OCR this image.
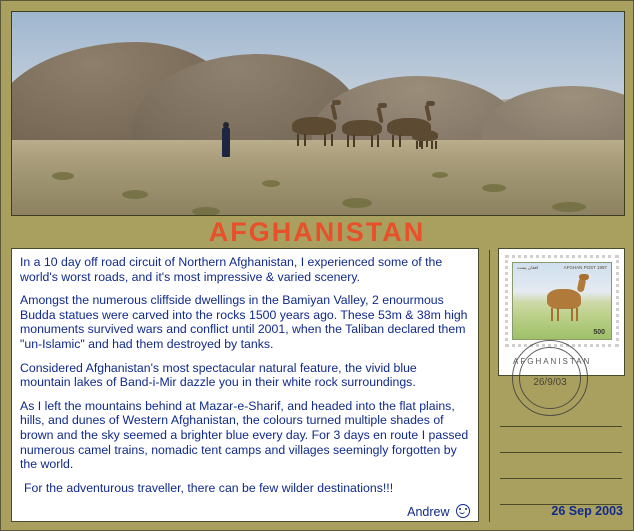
AFGHANISTAN

In a 10 day off road circuit of Northern Afghanistan, I experienced some of the world's worst roads, and it's most impressive & varied scenery.

Amongst the numerous cliffside dwellings in the Bamiyan Valley, 2 enourmous Budda statues were carved into the rocks 1500 years ago. These 53m & 38m high monuments survived wars and conflict until 2001, when the Taliban declared them "un-Islamic" and had them destroyed by tanks.

Considered Afghanistan's most spectacular natural feature, the vivid blue mountain lakes of Band-i-Mir dazzle you in their white rock surroundings.

As I left the mountains behind at Mazar-e-Sharif, and headed into the flat plains, hills, and dunes of Western Afghanistan, the colours turned multiple shades of brown and the sky seemed a brighter blue every day. For 3 days en route I passed numerous camel trains, nomadic tent camps and villages seemingly forgotten by the world.

For the adventurous traveller, there can be few wilder destinations!!!

Andrew
افغان پست	AFGHAN POST 1997
500
AFGHANISTAN
26/9/03
26 Sep 2003
